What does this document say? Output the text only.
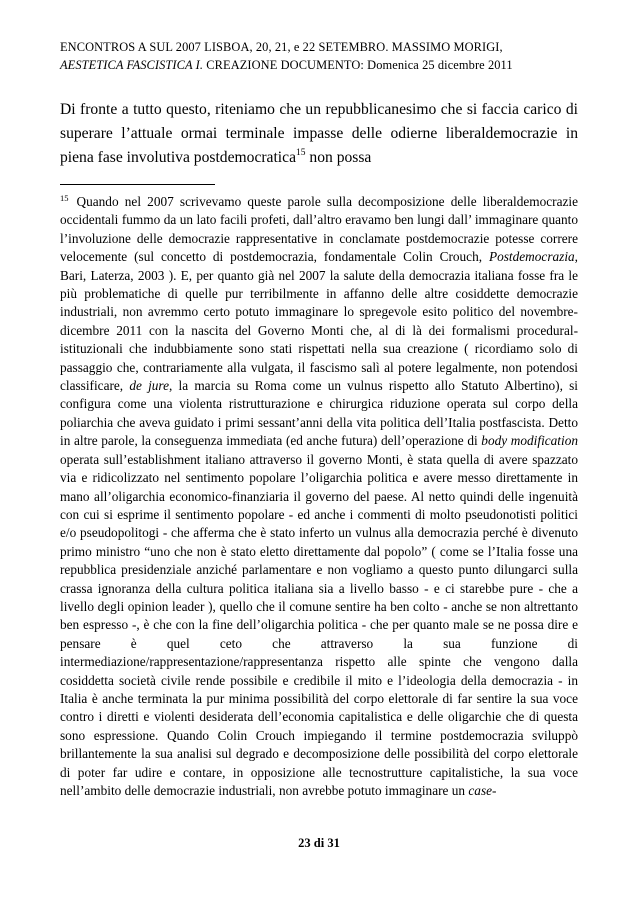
ENCONTROS A SUL 2007 LISBOA, 20, 21, e 22 SETEMBRO. MASSIMO MORIGI,
AESTETICA FASCISTICA I. CREAZIONE DOCUMENTO: Domenica 25 dicembre 2011
Di fronte a tutto questo, riteniamo che un repubblicanesimo che si faccia carico di superare l’attuale ormai terminale impasse delle odierne liberaldemocrazie in piena fase involutiva postdemocratica$^{15}$ non possa
$^{15}$ Quando nel 2007 scrivevamo queste parole sulla decomposizione delle liberaldemocrazie occidentali fummo da un lato facili profeti, dall’altro eravamo ben lungi dall’ immaginare quanto l’involuzione delle democrazie rappresentative in conclamate postdemocrazie potesse correre velocemente (sul concetto di postdemocrazia, fondamentale Colin Crouch, Postdemocrazia, Bari, Laterza, 2003 ). E, per quanto già nel 2007 la salute della democrazia italiana fosse fra le più problematiche di quelle pur terribilmente in affanno delle altre cosiddette democrazie industriali, non avremmo certo potuto immaginare lo spregevole esito politico del novembre-dicembre 2011 con la nascita del Governo Monti che, al di là dei formalismi procedural-istituzionali che indubbiamente sono stati rispettati nella sua creazione ( ricordiamo solo di passaggio che, contrariamente alla vulgata, il fascismo salì al potere legalmente, non potendosi classificare, de jure, la marcia su Roma come un vulnus rispetto allo Statuto Albertino), si configura come una violenta ristrutturazione e chirurgica riduzione operata sul corpo della poliarchia che aveva guidato i primi sessant’anni della vita politica dell’Italia postfascista. Detto in altre parole, la conseguenza immediata (ed anche futura) dell’operazione di body modification operata sull’establishment italiano attraverso il governo Monti, è stata quella di avere spazzato via e ridicolizzato nel sentimento popolare l’oligarchia politica e avere messo direttamente in mano all’oligarchia economico-finanziaria il governo del paese. Al netto quindi delle ingenuità con cui si esprime il sentimento popolare - ed anche i commenti di molto pseudonotisti politici e/o pseudopolitogi - che afferma che è stato inferto un vulnus alla democrazia perché è divenuto primo ministro “uno che non è stato eletto direttamente dal popolo” ( come se l’Italia fosse una repubblica presidenziale anziché parlamentare e non vogliamo a questo punto dilungarci sulla crassa ignoranza della cultura politica italiana sia a livello basso - e ci starebbe pure - che a livello degli opinion leader ), quello che il comune sentire ha ben colto - anche se non altrettanto ben espresso -, è che con la fine dell’oligarchia politica - che per quanto male se ne possa dire e pensare è quel ceto che attraverso la sua funzione di intermediazione/rappresentazione/rappresentanza rispetto alle spinte che vengono dalla cosiddetta società civile rende possibile e credibile il mito e l’ideologia della democrazia - in Italia è anche terminata la pur minima possibilità del corpo elettorale di far sentire la sua voce contro i diretti e violenti desiderata dell’economia capitalistica e delle oligarchie che di questa sono espressione. Quando Colin Crouch impiegando il termine postdemocrazia sviluppò brillantemente la sua analisi sul degrado e decomposizione delle possibilità del corpo elettorale di poter far udire e contare, in opposizione alle tecnostrutture capitalistiche, la sua voce nell’ambito delle democrazie industriali, non avrebbe potuto immaginare un case-
23 di 31
